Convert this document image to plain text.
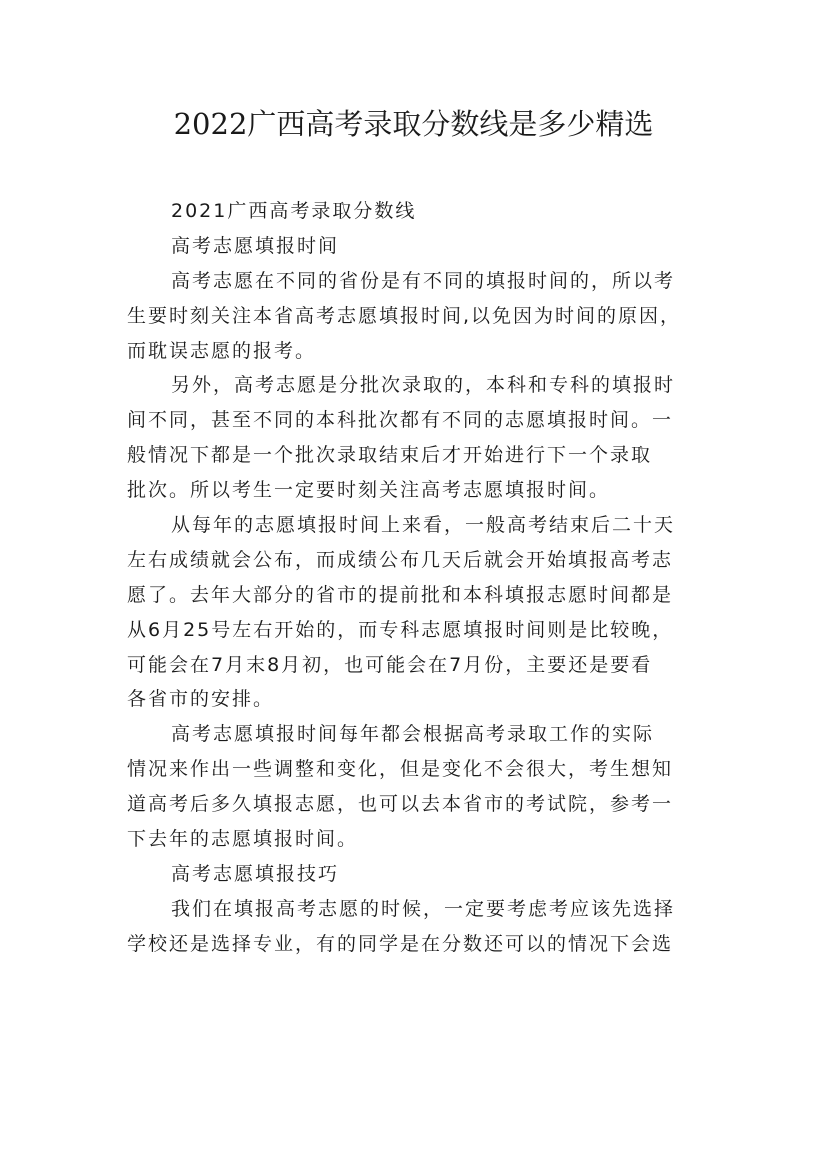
2022广西高考录取分数线是多少精选
2021广西高考录取分数线
高考志愿填报时间
高考志愿在不同的省份是有不同的填报时间的，所以考
生要时刻关注本省高考志愿填报时间,以免因为时间的原因，
而耽误志愿的报考。
另外，高考志愿是分批次录取的，本科和专科的填报时
间不同，甚至不同的本科批次都有不同的志愿填报时间。一
般情况下都是一个批次录取结束后才开始进行下一个录取
批次。所以考生一定要时刻关注高考志愿填报时间。
从每年的志愿填报时间上来看，一般高考结束后二十天
左右成绩就会公布，而成绩公布几天后就会开始填报高考志
愿了。去年大部分的省市的提前批和本科填报志愿时间都是
从6月25号左右开始的，而专科志愿填报时间则是比较晚，
可能会在7月末8月初，也可能会在7月份，主要还是要看
各省市的安排。
高考志愿填报时间每年都会根据高考录取工作的实际
情况来作出一些调整和变化，但是变化不会很大，考生想知
道高考后多久填报志愿，也可以去本省市的考试院，参考一
下去年的志愿填报时间。
高考志愿填报技巧
我们在填报高考志愿的时候，一定要考虑考应该先选择
学校还是选择专业，有的同学是在分数还可以的情况下会选
